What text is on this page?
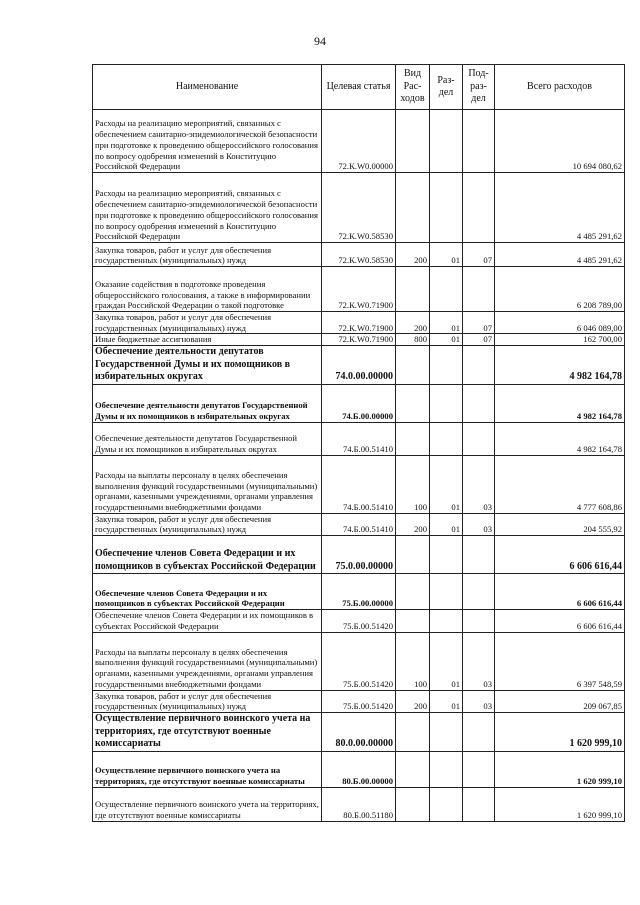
94
Наименование	Целевая статья	Вид Рас- ходов	Раз- дел	Под- раз- дел	Всего расходов
Расходы на реализацию мероприятий, связанных с обеспечением санитарно-эпидемиологической безопасности при подготовке к проведению общероссийского голосования по вопросу одобрения изменений в Конституцию Российской Федерации	72.К.W0.00000				10 694 080,62
Расходы на реализацию мероприятий, связанных с обеспечением санитарно-эпидемиологической безопасности при подготовке к проведению общероссийского голосования по вопросу одобрения изменений в Конституцию Российской Федерации	72.К.W0.58530				4 485 291,62
Закупка товаров, работ и услуг для обеспечения государственных (муниципальных) нужд	72.К.W0.58530	200	01	07	4 485 291,62
Оказание содействия в подготовке проведения общероссийского голосования, а также в информировании граждан Российской Федерации о такой подготовке	72.К.W0.71900				6 208 789,00
Закупка товаров, работ и услуг для обеспечения государственных (муниципальных) нужд	72.К.W0.71900	200	01	07	6 046 089,00
Иные бюджетные ассигнования	72.К.W0.71900	800	01	07	162 700,00
Обеспечение деятельности депутатов Государственной Думы и их помощников в избирательных округах	74.0.00.00000				4 982 164,78
Обеспечение деятельности депутатов Государственной Думы и их помощников в избирательных округах	74.Б.00.00000				4 982 164,78
Обеспечение деятельности депутатов Государственной Думы и их помощников в избирательных округах	74.Б.00.51410				4 982 164,78
Расходы на выплаты персоналу в целях обеспечения выполнения функций государственными (муниципальными) органами, казенными учреждениями, органами управления государственными внебюджетными фондами	74.Б.00.51410	100	01	03	4 777 608,86
Закупка товаров, работ и услуг для обеспечения государственных (муниципальных) нужд	74.Б.00.51410	200	01	03	204 555,92
Обеспечение членов Совета Федерации и их помощников в субъектах Российской Федерации	75.0.00.00000				6 606 616,44
Обеспечение членов Совета Федерации и их помощников в субъектах Российской Федерации	75.Б.00.00000				6 606 616,44
Обеспечение членов Совета Федерации и их помощников в субъектах Российской Федерации	75.Б.00.51420				6 606 616,44
Расходы на выплаты персоналу в целях обеспечения выполнения функций государственными (муниципальными) органами, казенными учреждениями, органами управления государственными внебюджетными фондами	75.Б.00.51420	100	01	03	6 397 548,59
Закупка товаров, работ и услуг для обеспечения государственных (муниципальных) нужд	75.Б.00.51420	200	01	03	209 067,85
Осуществление первичного воинского учета на территориях, где отсутствуют военные комиссариаты	80.0.00.00000				1 620 999,10
Осуществление первичного воинского учета на территориях, где отсутствуют военные комиссариаты	80.Б.00.00000				1 620 999,10
Осуществление первичного воинского учета на территориях, где отсутствуют военные комиссариаты	80.Б.00.51180				1 620 999,10
